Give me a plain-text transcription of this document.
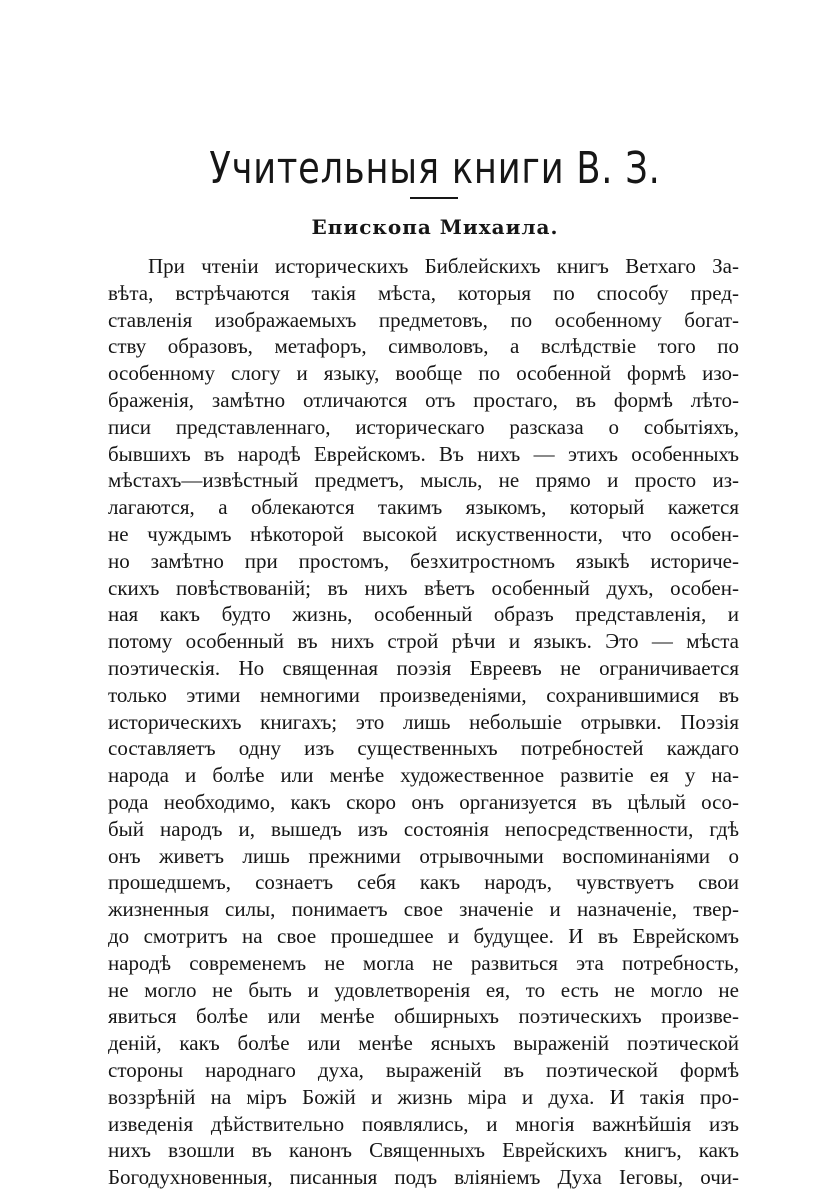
Учительныя книги В. З.
Епископа Михаила.
При чтенiи историческихъ Библейскихъ книгъ Ветхаго За-
вѣта, встрѣчаются такiя мѣста, которыя по способу пред-
ставленiя изображаемыхъ предметовъ, по особенному богат-
ству образовъ, метафоръ, символовъ, а вслѣдствiе того по
особенному слогу и языку, вообще по особенной формѣ изо-
браженiя, замѣтно отличаются отъ простаго, въ формѣ лѣто-
писи представленнаго, историческаго разсказа о событiяхъ,
бывшихъ въ народѣ Еврейскомъ. Въ нихъ — этихъ особенныхъ
мѣстахъ—извѣстный предметъ, мысль, не прямо и просто из-
лагаются, а облекаются такимъ языкомъ, который кажется
не чуждымъ нѣкоторой высокой искуственности, что особен-
но замѣтно при простомъ, безхитростномъ языкѣ историче-
скихъ повѣствованiй; въ нихъ вѣетъ особенный духъ, особен-
ная какъ будто жизнь, особенный образъ представленiя, и
потому особенный въ нихъ строй рѣчи и языкъ. Это — мѣста
поэтическiя. Но священная поэзiя Евреевъ не ограничивается
только этими немногими произведенiями, сохранившимися въ
историческихъ книгахъ; это лишь небольшiе отрывки. Поэзiя
составляетъ одну изъ существенныхъ потребностей каждаго
народа и болѣе или менѣе художественное развитiе ея у на-
рода необходимо, какъ скоро онъ организуется въ цѣлый осо-
бый народъ и, вышедъ изъ состоянiя непосредственности, гдѣ
онъ живетъ лишь прежними отрывочными воспоминанiями о
прошедшемъ, сознаетъ себя какъ народъ, чувствуетъ свои
жизненныя силы, понимаетъ свое значенiе и назначенiе, твер-
до смотритъ на свое прошедшее и будущее. И въ Еврейскомъ
народѣ современемъ не могла не развиться эта потребность,
не могло не быть и удовлетворенiя ея, то есть не могло не
явиться болѣе или менѣе обширныхъ поэтическихъ произве-
денiй, какъ болѣе или менѣе ясныхъ выраженiй поэтической
стороны народнаго духа, выраженiй въ поэтической формѣ
воззрѣнiй на мiръ Божiй и жизнь мiра и духа. И такiя про-
изведенiя дѣйствительно появлялись, и многiя важнѣйшiя изъ
нихъ взошли въ канонъ Священныхъ Еврейскихъ книгъ, какъ
Богодухновенныя, писанныя подъ влiянiемъ Духа Iеговы, очи-
